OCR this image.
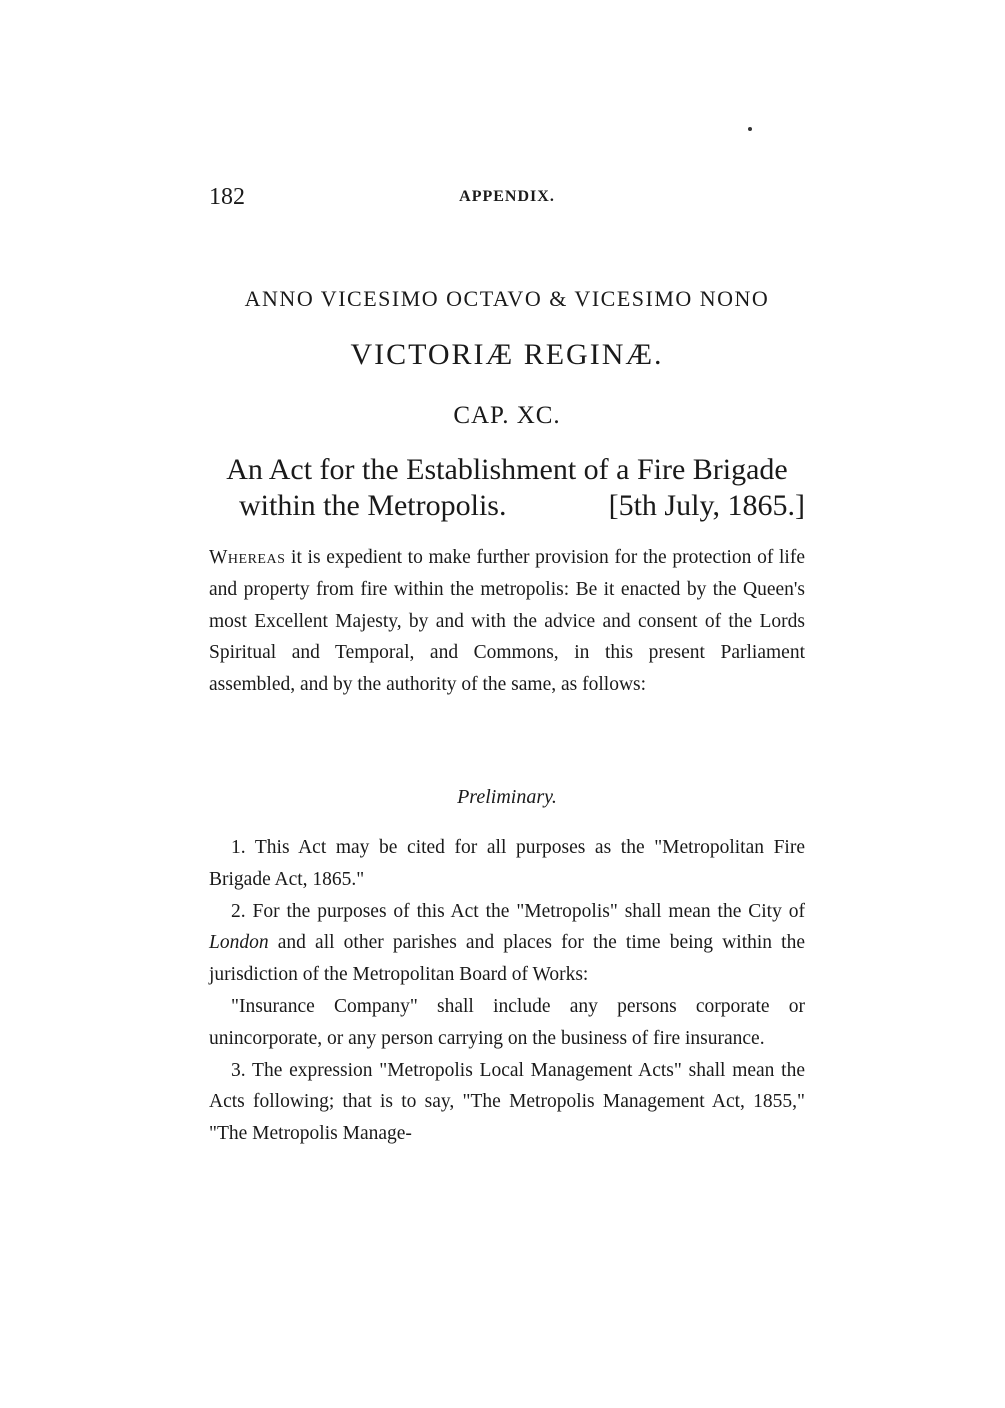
182	APPENDIX.
ANNO VICESIMO OCTAVO & VICESIMO NONO
VICTORIÆ REGINÆ.
CAP. XC.
An Act for the Establishment of a Fire Brigade
within the Metropolis.	[5th July, 1865.]
Whereas it is expedient to make further provision for the protection of life and property from fire within the metropolis: Be it enacted by the Queen's most Excellent Majesty, by and with the advice and consent of the Lords Spiritual and Temporal, and Commons, in this present Parliament assembled, and by the authority of the same, as follows:
Preliminary.

1. This Act may be cited for all purposes as the "Metropolitan Fire Brigade Act, 1865."

2. For the purposes of this Act the "Metropolis" shall mean the City of London and all other parishes and places for the time being within the jurisdiction of the Metropolitan Board of Works:

"Insurance Company" shall include any persons corporate or unincorporate, or any person carrying on the business of fire insurance.

3. The expression "Metropolis Local Management Acts" shall mean the Acts following; that is to say, "The Metropolis Management Act, 1855," "The Metropolis Manage-
